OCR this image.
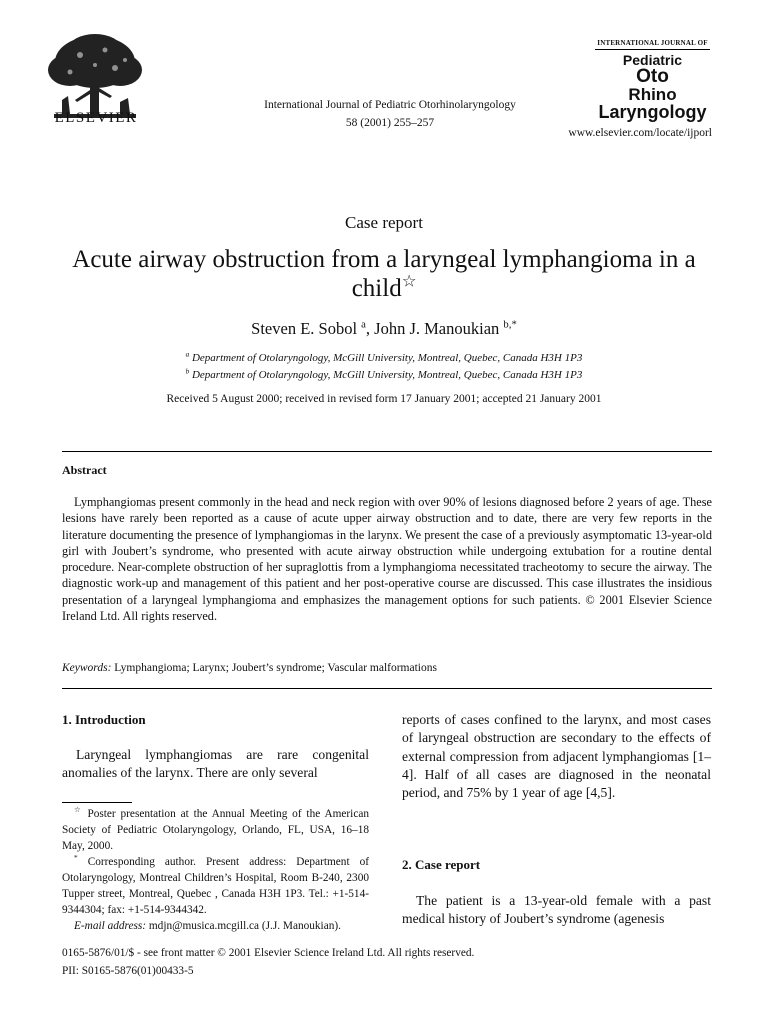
ELSEVIER
International Journal of Pediatric Otorhinolaryngology
58 (2001) 255–257
INTERNATIONAL JOURNAL OF
Pediatric
Oto
Rhino
Laryngology
www.elsevier.com/locate/ijporl
Case report
Acute airway obstruction from a laryngeal lymphangioma in a child☆
Steven E. Sobol $^a$, John J. Manoukian $^{b,*}$
$^a$ Department of Otolaryngology, McGill University, Montreal, Quebec, Canada H3H 1P3
$^b$ Department of Otolaryngology, McGill University, Montreal, Quebec, Canada H3H 1P3
Received 5 August 2000; received in revised form 17 January 2001; accepted 21 January 2001
Abstract
Lymphangiomas present commonly in the head and neck region with over 90% of lesions diagnosed before 2 years of age. These lesions have rarely been reported as a cause of acute upper airway obstruction and to date, there are very few reports in the literature documenting the presence of lymphangiomas in the larynx. We present the case of a previously asymptomatic 13-year-old girl with Joubert’s syndrome, who presented with acute airway obstruction while undergoing extubation for a routine dental procedure. Near-complete obstruction of her supraglottis from a lymphangioma necessitated tracheotomy to secure the airway. The diagnostic work-up and management of this patient and her post-operative course are discussed. This case illustrates the insidious presentation of a laryngeal lymphangioma and emphasizes the management options for such patients. © 2001 Elsevier Science Ireland Ltd. All rights reserved.
Keywords: Lymphangioma; Larynx; Joubert’s syndrome; Vascular malformations
1. Introduction
Laryngeal lymphangiomas are rare congenital anomalies of the larynx. There are only several
☆ Poster presentation at the Annual Meeting of the American Society of Pediatric Otolaryngology, Orlando, FL, USA, 16–18 May, 2000.
* Corresponding author. Present address: Department of Otolaryngology, Montreal Children’s Hospital, Room B-240, 2300 Tupper street, Montreal, Quebec , Canada H3H 1P3. Tel.: +1-514-9344304; fax: +1-514-9344342.
E-mail address: mdjn@musica.mcgill.ca (J.J. Manoukian).
reports of cases confined to the larynx, and most cases of laryngeal obstruction are secondary to the effects of external compression from adjacent lymphangiomas [1–4]. Half of all cases are diagnosed in the neonatal period, and 75% by 1 year of age [4,5].
2. Case report
The patient is a 13-year-old female with a past medical history of Joubert’s syndrome (agenesis
0165-5876/01/$ - see front matter © 2001 Elsevier Science Ireland Ltd. All rights reserved.
PII: S0165-5876(01)00433-5
